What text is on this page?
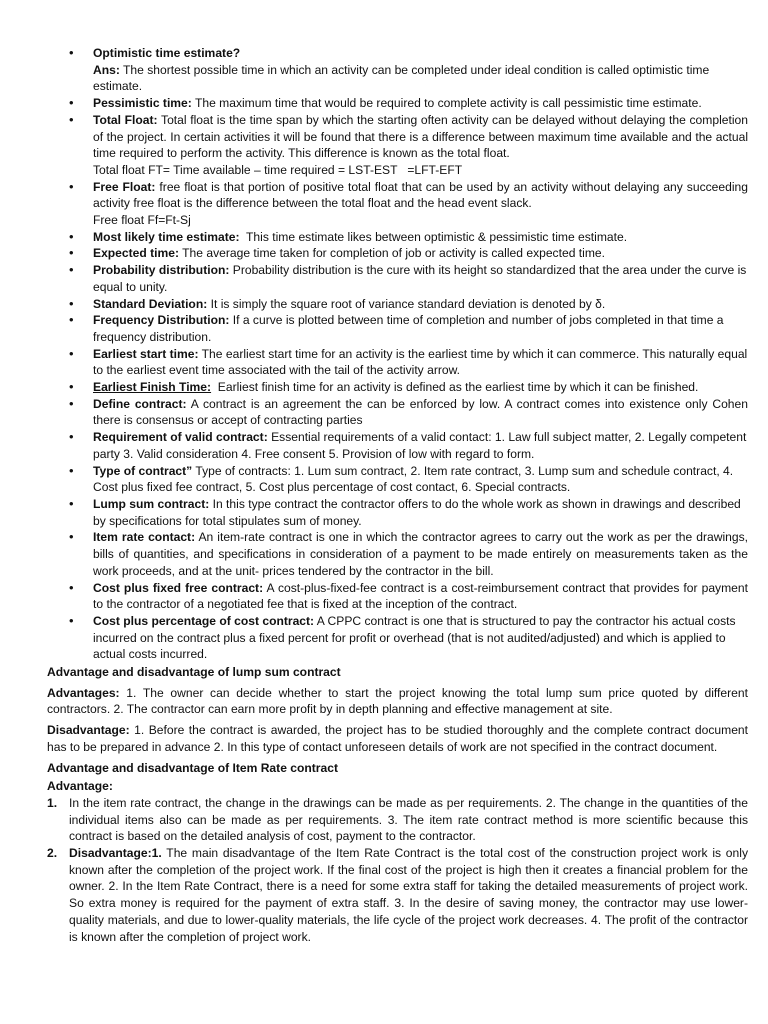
• Optimistic time estimate?
Ans: The shortest possible time in which an activity can be completed under ideal condition is called optimistic time estimate.
• Pessimistic time: The maximum time that would be required to complete activity is call pessimistic time estimate.
• Total Float: Total float is the time span by which the starting often activity can be delayed without delaying the completion of the project. In certain activities it will be found that there is a difference between maximum time available and the actual time required to perform the activity. This difference is known as the total float.
Total float FT= Time available – time required = LST-EST   =LFT-EFT
• Free Float: free float is that portion of positive total float that can be used by an activity without delaying any succeeding activity free float is the difference between the total float and the head event slack.
Free float Ff=Ft-Sj
• Most likely time estimate:  This time estimate likes between optimistic & pessimistic time estimate.
• Expected time: The average time taken for completion of job or activity is called expected time.
• Probability distribution: Probability distribution is the cure with its height so standardized that the area under the curve is equal to unity.
• Standard Deviation: It is simply the square root of variance standard deviation is denoted by δ.
• Frequency Distribution: If a curve is plotted between time of completion and number of jobs completed in that time a frequency distribution.
• Earliest start time: The earliest start time for an activity is the earliest time by which it can commerce. This naturally equal to the earliest event time associated with the tail of the activity arrow.
• Earliest Finish Time:  Earliest finish time for an activity is defined as the earliest time by which it can be finished.
• Define contract: A contract is an agreement the can be enforced by low. A contract comes into existence only Cohen there is consensus or accept of contracting parties
• Requirement of valid contract: Essential requirements of a valid contact: 1. Law full subject matter, 2. Legally competent party 3. Valid consideration 4. Free consent 5. Provision of low with regard to form.
• Type of contract” Type of contracts: 1. Lum sum contract, 2. Item rate contract, 3. Lump sum and schedule contract, 4. Cost plus fixed fee contract, 5. Cost plus percentage of cost contact, 6. Special contracts.
• Lump sum contract: In this type contract the contractor offers to do the whole work as shown in drawings and described by specifications for total stipulates sum of money.
• Item rate contact: An item-rate contract is one in which the contractor agrees to carry out the work as per the drawings, bills of quantities, and specifications in consideration of a payment to be made entirely on measurements taken as the work proceeds, and at the unit- prices tendered by the contractor in the bill.
• Cost plus fixed free contract: A cost-plus-fixed-fee contract is a cost-reimbursement contract that provides for payment to the contractor of a negotiated fee that is fixed at the inception of the contract.
• Cost plus percentage of cost contract: A CPPC contract is one that is structured to pay the contractor his actual costs incurred on the contract plus a fixed percent for profit or overhead (that is not audited/adjusted) and which is applied to actual costs incurred.
Advantage and disadvantage of lump sum contract

Advantages: 1. The owner can decide whether to start the project knowing the total lump sum price quoted by different contractors. 2. The contractor can earn more profit by in depth planning and effective management at site.

Disadvantage: 1. Before the contract is awarded, the project has to be studied thoroughly and the complete contract document has to be prepared in advance 2. In this type of contact unforeseen details of work are not specified in the contract document.

Advantage and disadvantage of Item Rate contract
Advantage:
1. In the item rate contract, the change in the drawings can be made as per requirements. 2. The change in the quantities of the individual items also can be made as per requirements. 3. The item rate contract method is more scientific because this contract is based on the detailed analysis of cost, payment to the contractor.
2. Disadvantage:1. The main disadvantage of the Item Rate Contract is the total cost of the construction project work is only known after the completion of the project work. If the final cost of the project is high then it creates a financial problem for the owner. 2. In the Item Rate Contract, there is a need for some extra staff for taking the detailed measurements of project work. So extra money is required for the payment of extra staff. 3. In the desire of saving money, the contractor may use lower-quality materials, and due to lower-quality materials, the life cycle of the project work decreases. 4. The profit of the contractor is known after the completion of project work.
